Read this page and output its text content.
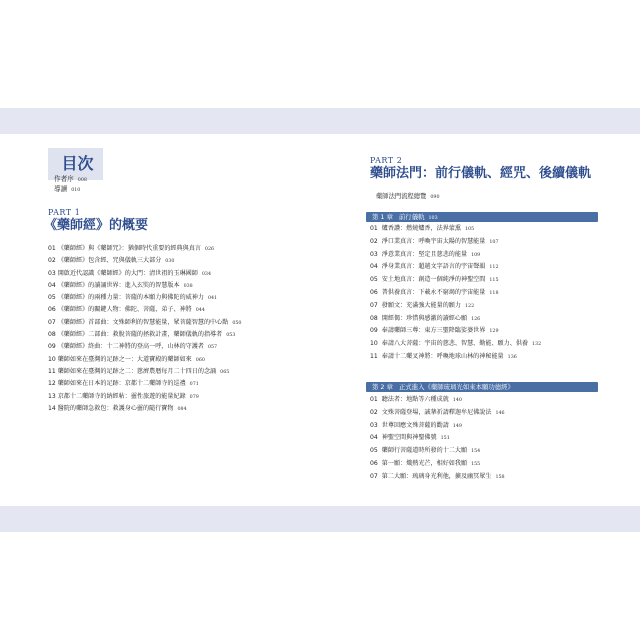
目次
作者序 008
導讀 010
PART 1
《藥師經》的概要
01 《藥師經》與《藥師咒》：猶個時代重要的經典與真言 026
02 《藥師經》包含經、咒與儀軌三大部分 030
03 開啟近代認識《藥師經》的大門：清世祖的玉琳國師 034
04 《藥師經》的讀誦世界：進入玄奘的智慧版本 038
05 《藥師經》的兩種力量：菩薩的本願力與佛陀的威神力 041
06 《藥師經》的關鍵人物：佛陀、菩薩、弟子、神將 044
07 《藥師經》首部曲：文殊師利的智慧能量，眾菩薩智慧的中心點 050
08 《藥師經》二部曲：救脫菩薩的拯救計畫，藥師儀軌的指導者 053
09 《藥師經》終曲：十二神將的登高一呼，山林的守護者 057
10 藥師如來在臺灣的足跡之一：大道寶殿的藥師如來 060
11 藥師如來在臺灣的足跡之二：慈濟農曆每月二十四日的念誦 065
12 藥師如來在日本的足跡：京都十二藥師寺的巡禮 071
13 京都十二藥師寺的納經帖：靈性旅遊的能量紀錄 079
14 醫院的藥師急救包：救護身心靈的隨行寶物 084
PART 2
藥師法門：前行儀軌、經咒、後續儀軌
藥師法門流程總覽 090
第 1 章 前行儀軌 103
01 爐香讚：燃燒爐香，法界蒙熏 105
02 淨口業真言：呼喚宇宙太陽的智慧能量 107
03 淨意業真言：堅定且慈悲的能量 109
04 淨身業真言：超越文字語言的宇宙聲韻 112
05 安土地真言：創造一個純淨的神聖空間 115
06 普供養真言：下載永不窮竭的宇宙能量 118
07 發願文：充滿強大能量的願力 122
08 開經偈：珍惜與感激的讀經心願 126
09 奉請藥師三尊：東方三聖降臨娑婆世界 129
10 奉請八大菩薩：宇宙的慈悲、智慧、勤能、願力、供養 132
11 奉請十二藥叉神將：呼喚地球山林的神秘能量 136
第 2 章 正式進入《藥師琉璃光如來本願功德經》
01 聽法者：地點等六種成就 140
02 文殊菩薩登場，誠摯祈請釋迦牟尼佛說法 146
03 世尊回應文殊菩薩的勸請 149
04 神聖空間與神聖佛號 151
05 藥師行菩薩道時所發的十二大願 154
06 第一願：熾熱光芒，相好如我願 155
07 第二大願：琉璃身光利他，擴及幽冥眾生 158
